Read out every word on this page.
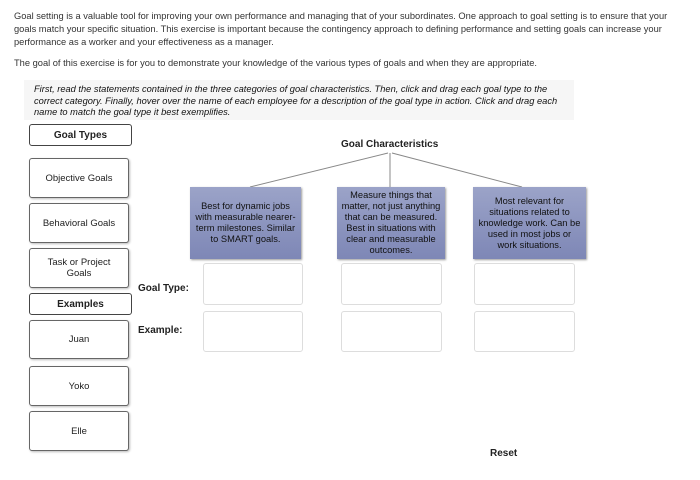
Goal setting is a valuable tool for improving your own performance and managing that of your subordinates. One approach to goal setting is to ensure that your goals match your specific situation. This exercise is important because the contingency approach to defining performance and setting goals can increase your performance as a worker and your effectiveness as a manager.
The goal of this exercise is for you to demonstrate your knowledge of the various types of goals and when they are appropriate.
First, read the statements contained in the three categories of goal characteristics. Then, click and drag each goal type to the correct category. Finally, hover over the name of each employee for a description of the goal type in action. Click and drag each name to match the goal type it best exemplifies.
Goal Types
Objective Goals
Behavioral Goals
Task or Project Goals
Examples
Juan
Yoko
Elle
Goal Characteristics
Best for dynamic jobs with measurable nearer-term milestones. Similar to SMART goals.
Measure things that matter, not just anything that can be measured. Best in situations with clear and measurable outcomes.
Most relevant for situations related to knowledge work. Can be used in most jobs or work situations.
Goal Type:
Example:
Reset
